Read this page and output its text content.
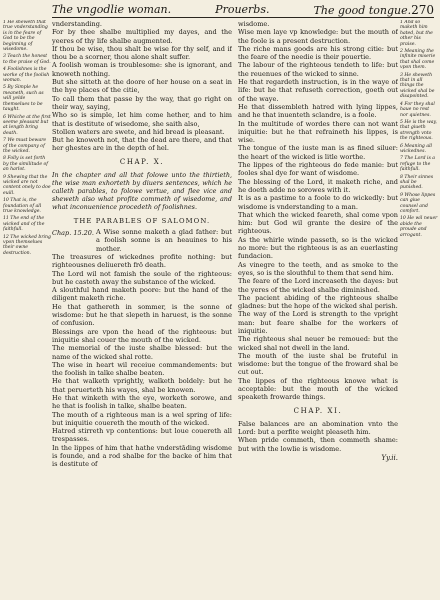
The vngodlie woman.	Prouerbs.	The good tongue.270

1 He sheweth that true vnderstanding is in the feare of God to be the beginning of wisedome.

3 Teach the honest to the praise of God.

4 Foolishnes is the worke of the foolish woman.

5 By Simple he meaneth, such as will yelde themselues to be taught.

6 Whiche at the first seeme pleasant but at length bring death.

7 We must beware of the company of the wicked.

8 Folly is set forth by the similitude of an harlot.

9 Shewing that the wicked are not content onely to doe euill.

10 That is, the foundation of all true knowledge.

11 The end of the wicked and of the faithfull.

12 The wicked bring vpon themselues their owne destruction.

vnderstanding.

For by thee shalbe multiplied my dayes, and the yeeres of thy life shalbe augmented.

If thou be wise, thou shalt be wise for thy self, and if thou be a scorner, thou alone shalt suffer.

A foolish woman is troublesome: she is ignorant, and knoweth nothing.

But she sitteth at the doore of her house on a seat in the hye places of the citie,

To call them that passe by the way, that go right on their way, saying,

Who so is simple, let him come hether, and to him that is destitute of wisedome, she saith also,

Stollen waters are swete, and hid bread is pleasant.

But he knoweth not, that the dead are there, and that her ghestes are in the depth of hel.

CHAP. X.

In the chapter and all that folowe unto the thirtieth, the wise man exhorteth by diuers sentences, which he calleth parables, to folowe vertue, and flee vice and sheweth also what profite commeth of wisedome, and what inconuenience procedeth of foolishnes.

THE PARABLES OF SALOMON.
Chap. 15.20. A Wise sonne maketh a glad father: but a foolish sonne is an heauines to his mother.

The treasures of wickednes profite nothing: but righteousnes deliuereth frō death.

The Lord wil not famish the soule of the righteous: but he casteth away the substance of the wicked.

A slouthful hand maketh poore: but the hand of the diligent maketh riche.

He that gathereth in sommer, is the sonne of wisdome: but he that slepeth in haruest, is the sonne of confusion.

Blessings are vpon the head of the righteous: but iniquitie shal couer the mouth of the wicked.

The memorial of the iuste shalbe blessed: but the name of the wicked shal rotte.

The wise in heart wil receiue commandements: but the foolish in talke shalbe beaten.

He that walketh vprightly, walketh boldely: but he that peruerteth his wayes, shal be knowen.

He that winketh with the eye, worketh sorowe, and he that is foolish in talke, shalbe beaten.

The mouth of a righteous man is a wel spring of life: but iniquitie couereth the mouth of the wicked.

Hatred stirreth vp contentions: but loue couereth all trespasses.

In the lippes of him that hathe vnderstāding wisdome is founde, and a rod shalbe for the backe of him that is destitute of

wisdome.

Wise men laye vp knowledge: but the mouth of the foole is a present destruction.

The riche mans goods are his strong citie: but the feare of the needie is their pouertie.

The labour of the righteous tendeth to life: but the reuenues of the wicked to sinne.

He that regardeth instruction, is in the waye of life: but he that refuseth correction, goeth out of the waye.

He that dissembleth hatred with lying lippes, and he that inuenteth sclandre, is a foole.

In the multitude of wordes there can not want iniquitie: but he that refraineth his lippes, is wise.

The tongue of the iuste man is as fined siluer: the heart of the wicked is litle worthe.

The lippes of the righteous do fede manie: but fooles shal dye for want of wisdome.

The blessing of the Lord, it maketh riche, and he doeth adde no sorowes with it.

It is as a pastime to a foole to do wickedly: but wisdome is vnderstanding to a man.

That which the wicked feareth, shal come vpon him: but God wil grante the desire of the righteous.

As the whirle winde passeth, so is the wicked no more: but the righteous is as an euerlasting fundacion.

As vinegre to the teeth, and as smoke to the eyes, so is the slouthful to them that send him.

The feare of the Lord increaseth the dayes: but the yeres of the wicked shalbe diminished.

The pacient abiding of the righteous shalbe gladnes: but the hope of the wicked shal perish.

The way of the Lord is strength to the vpright man: but feare shalbe for the workers of iniquitie.

The righteous shal neuer be remoued: but the wicked shal not dwell in the land.

The mouth of the iuste shal be fruteful in wisdome: but the tongue of the froward shal be cut out.

The lippes of the righteous knowe what is acceptable: but the mouth of the wicked speaketh frowarde things.

CHAP. XI.

False balances are an abomination vnto the Lord: but a perfite weight pleaseth him.

When pride commeth, then commeth shame: but with the lowlie is wisdome.

Yy.ii.

1 And so maketh him hated, but the other his praise.

2 Meaning the infinite miserie that shal come vpon them.

3 He sheweth that in all things the wicked shal be disapointed.

4 For they shal haue no rest nor quietnes.

5 He is the way, that giueth strength vnto the righteous.

6 Meaning all wickednes.

7 The Lord is a refuge to the faithfull.

8 Their sinnes shal be punished.

9 Whose lippes can giue counsel and comfort.

10 He wil neuer abide the proude and arrogant.
